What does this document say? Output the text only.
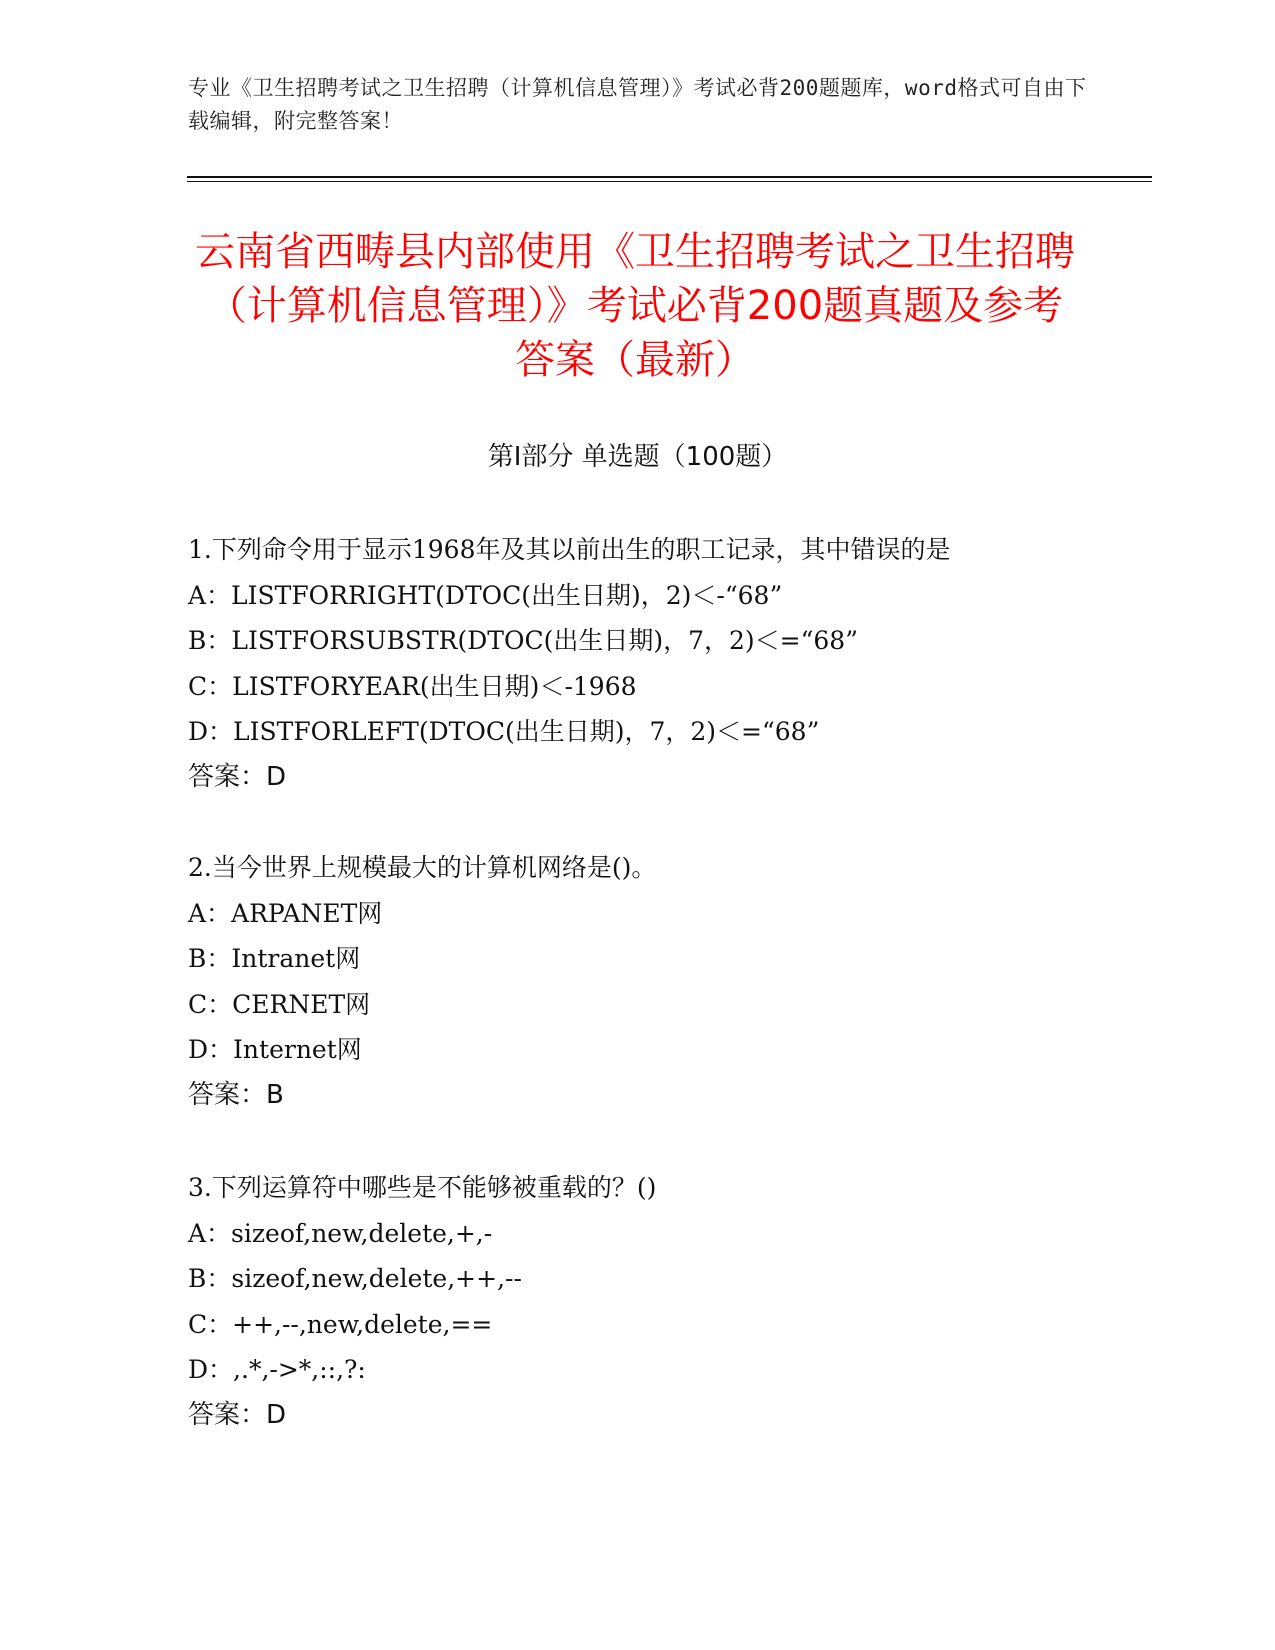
专业《卫生招聘考试之卫生招聘（计算机信息管理）》考试必背200题题库，word格式可自由下载编辑，附完整答案！
云南省西畴县内部使用《卫生招聘考试之卫生招聘（计算机信息管理）》考试必背200题真题及参考答案（最新）
第Ⅰ部分 单选题（100题）
1.下列命令用于显示1968年及其以前出生的职工记录，其中错误的是
A：LISTFORRIGHT(DTOC(出生日期)，2)＜-“68”
B：LISTFORSUBSTR(DTOC(出生日期)，7，2)＜=“68”
C：LISTFORYEAR(出生日期)＜-1968
D：LISTFORLEFT(DTOC(出生日期)，7，2)＜=“68”
答案：D
2.当今世界上规模最大的计算机网络是()。
A：ARPANET网
B：Intranet网
C：CERNET网
D：Internet网
答案：B
3.下列运算符中哪些是不能够被重载的？()
A：sizeof,new,delete,+,-
B：sizeof,new,delete,++,--
C：++,--,new,delete,==
D：,.*,->*,::,?:
答案：D
